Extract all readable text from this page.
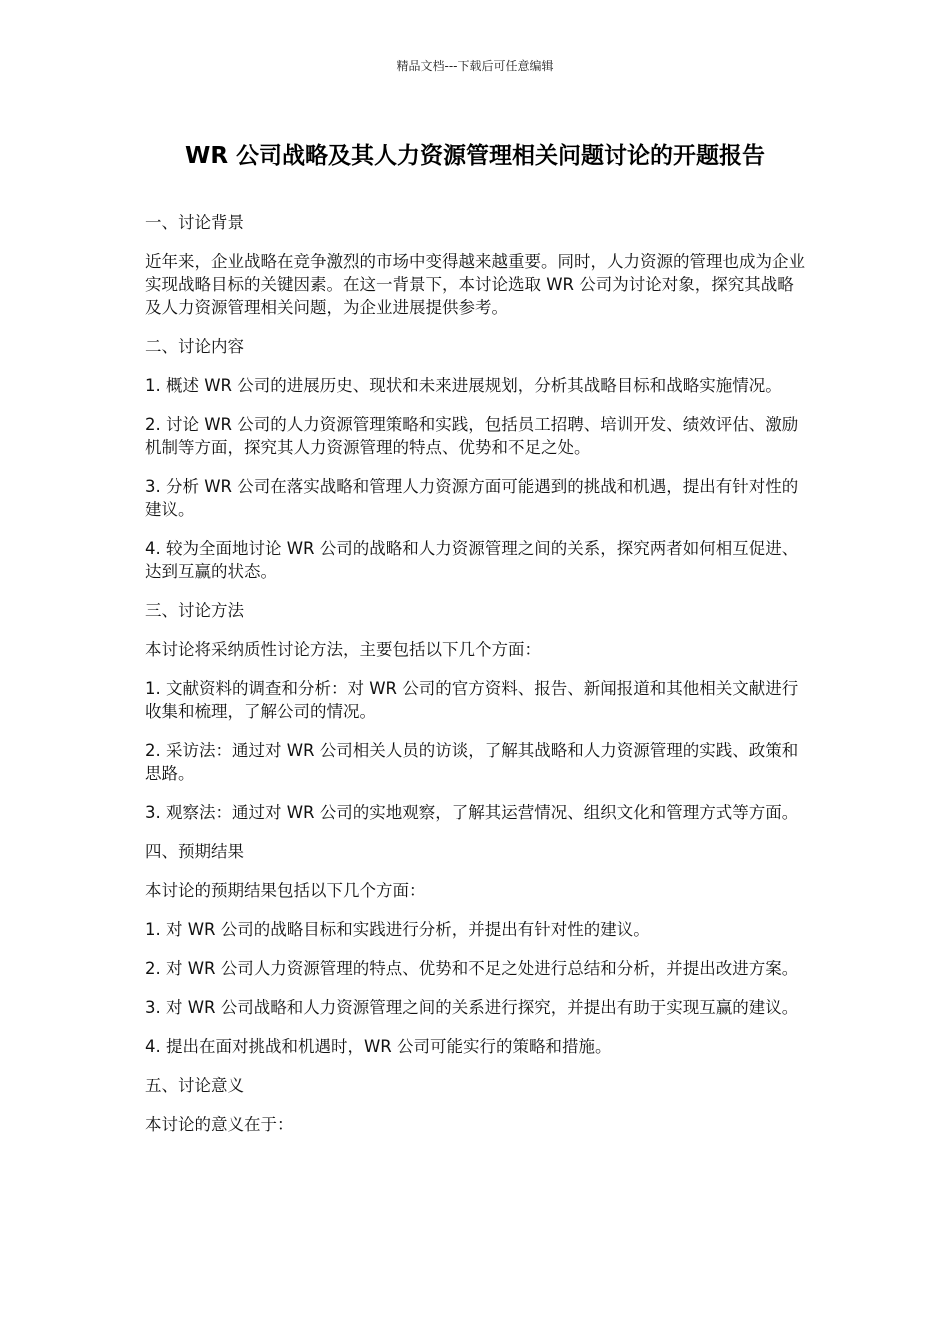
精品文档---下载后可任意编辑
WR 公司战略及其人力资源管理相关问题讨论的开题报告
一、讨论背景
近年来，企业战略在竞争激烈的市场中变得越来越重要。同时，人力资源的管理也成为企业实现战略目标的关键因素。在这一背景下，本讨论选取 WR 公司为讨论对象，探究其战略及人力资源管理相关问题，为企业进展提供参考。
二、讨论内容
1. 概述 WR 公司的进展历史、现状和未来进展规划，分析其战略目标和战略实施情况。
2. 讨论 WR 公司的人力资源管理策略和实践，包括员工招聘、培训开发、绩效评估、激励机制等方面，探究其人力资源管理的特点、优势和不足之处。
3. 分析 WR 公司在落实战略和管理人力资源方面可能遇到的挑战和机遇，提出有针对性的建议。
4. 较为全面地讨论 WR 公司的战略和人力资源管理之间的关系，探究两者如何相互促进、达到互赢的状态。
三、讨论方法
本讨论将采纳质性讨论方法，主要包括以下几个方面：
1. 文献资料的调查和分析：对 WR 公司的官方资料、报告、新闻报道和其他相关文献进行收集和梳理，了解公司的情况。
2. 采访法：通过对 WR 公司相关人员的访谈，了解其战略和人力资源管理的实践、政策和思路。
3. 观察法：通过对 WR 公司的实地观察，了解其运营情况、组织文化和管理方式等方面。
四、预期结果
本讨论的预期结果包括以下几个方面：
1. 对 WR 公司的战略目标和实践进行分析，并提出有针对性的建议。
2. 对 WR 公司人力资源管理的特点、优势和不足之处进行总结和分析，并提出改进方案。
3. 对 WR 公司战略和人力资源管理之间的关系进行探究，并提出有助于实现互赢的建议。
4. 提出在面对挑战和机遇时，WR 公司可能实行的策略和措施。
五、讨论意义
本讨论的意义在于：
